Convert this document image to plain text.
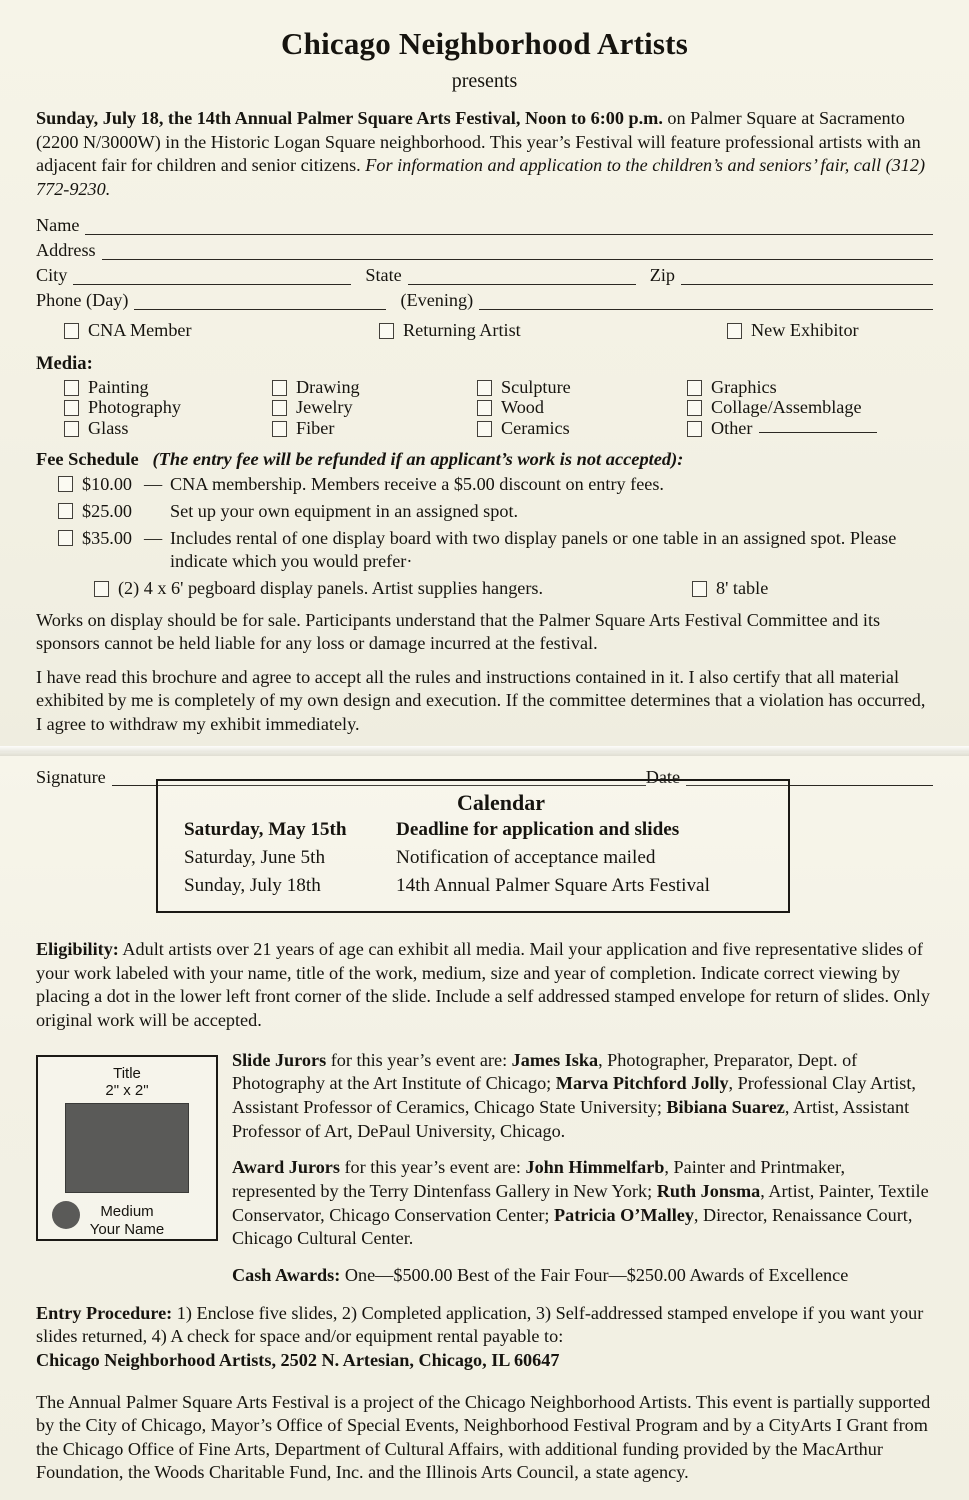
Chicago Neighborhood Artists
presents
Sunday, July 18, the 14th Annual Palmer Square Arts Festival, Noon to 6:00 p.m. on Palmer Square at Sacramento (2200 N/3000W) in the Historic Logan Square neighborhood. This year’s Festival will feature professional artists with an adjacent fair for children and senior citizens. For information and application to the children’s and seniors’ fair, call (312) 772-9230.
Name
Address
City	State	Zip
Phone (Day)	(Evening)
CNA Member	Returning Artist	New Exhibitor
Media:
Painting	Drawing	Sculpture	Graphics
Photography	Jewelry	Wood	Collage/Assemblage
Glass	Fiber	Ceramics	Other
Fee Schedule (The entry fee will be refunded if an applicant’s work is not accepted):
$10.00 — CNA membership. Members receive a $5.00 discount on entry fees.
$25.00	Set up your own equipment in an assigned spot.
$35.00 — Includes rental of one display board with two display panels or one table in an assigned spot. Please indicate which you would prefer·
(2) 4 x 6' pegboard display panels. Artist supplies hangers.	8' table
Works on display should be for sale. Participants understand that the Palmer Square Arts Festival Committee and its sponsors cannot be held liable for any loss or damage incurred at the festival.
I have read this brochure and agree to accept all the rules and instructions contained in it. I also certify that all material exhibited by me is completely of my own design and execution. If the committee determines that a violation has occurred, I agree to withdraw my exhibit immediately.
Signature	Date
Calendar
Saturday, May 15th	Deadline for application and slides
Saturday, June 5th	Notification of acceptance mailed
Sunday, July 18th	14th Annual Palmer Square Arts Festival
Eligibility: Adult artists over 21 years of age can exhibit all media. Mail your application and five representative slides of your work labeled with your name, title of the work, medium, size and year of completion. Indicate correct viewing by placing a dot in the lower left front corner of the slide. Include a self addressed stamped envelope for return of slides. Only original work will be accepted.
Title
2" x 2"
Medium
Your Name

Slide Jurors for this year’s event are: James Iska, Photographer, Preparator, Dept. of Photography at the Art Institute of Chicago; Marva Pitchford Jolly, Professional Clay Artist, Assistant Professor of Ceramics, Chicago State University; Bibiana Suarez, Artist, Assistant Professor of Art, DePaul University, Chicago.

Award Jurors for this year’s event are: John Himmelfarb, Painter and Printmaker, represented by the Terry Dintenfass Gallery in New York; Ruth Jonsma, Artist, Painter, Textile Conservator, Chicago Conservation Center; Patricia O’Malley, Director, Renaissance Court, Chicago Cultural Center.

Cash Awards: One—$500.00 Best of the Fair Four—$250.00 Awards of Excellence

Entry Procedure: 1) Enclose five slides, 2) Completed application, 3) Self-addressed stamped envelope if you want your slides returned, 4) A check for space and/or equipment rental payable to:
Chicago Neighborhood Artists, 2502 N. Artesian, Chicago, IL 60647
The Annual Palmer Square Arts Festival is a project of the Chicago Neighborhood Artists. This event is partially supported by the City of Chicago, Mayor’s Office of Special Events, Neighborhood Festival Program and by a CityArts I Grant from the Chicago Office of Fine Arts, Department of Cultural Affairs, with additional funding provided by the MacArthur Foundation, the Woods Charitable Fund, Inc. and the Illinois Arts Council, a state agency.
